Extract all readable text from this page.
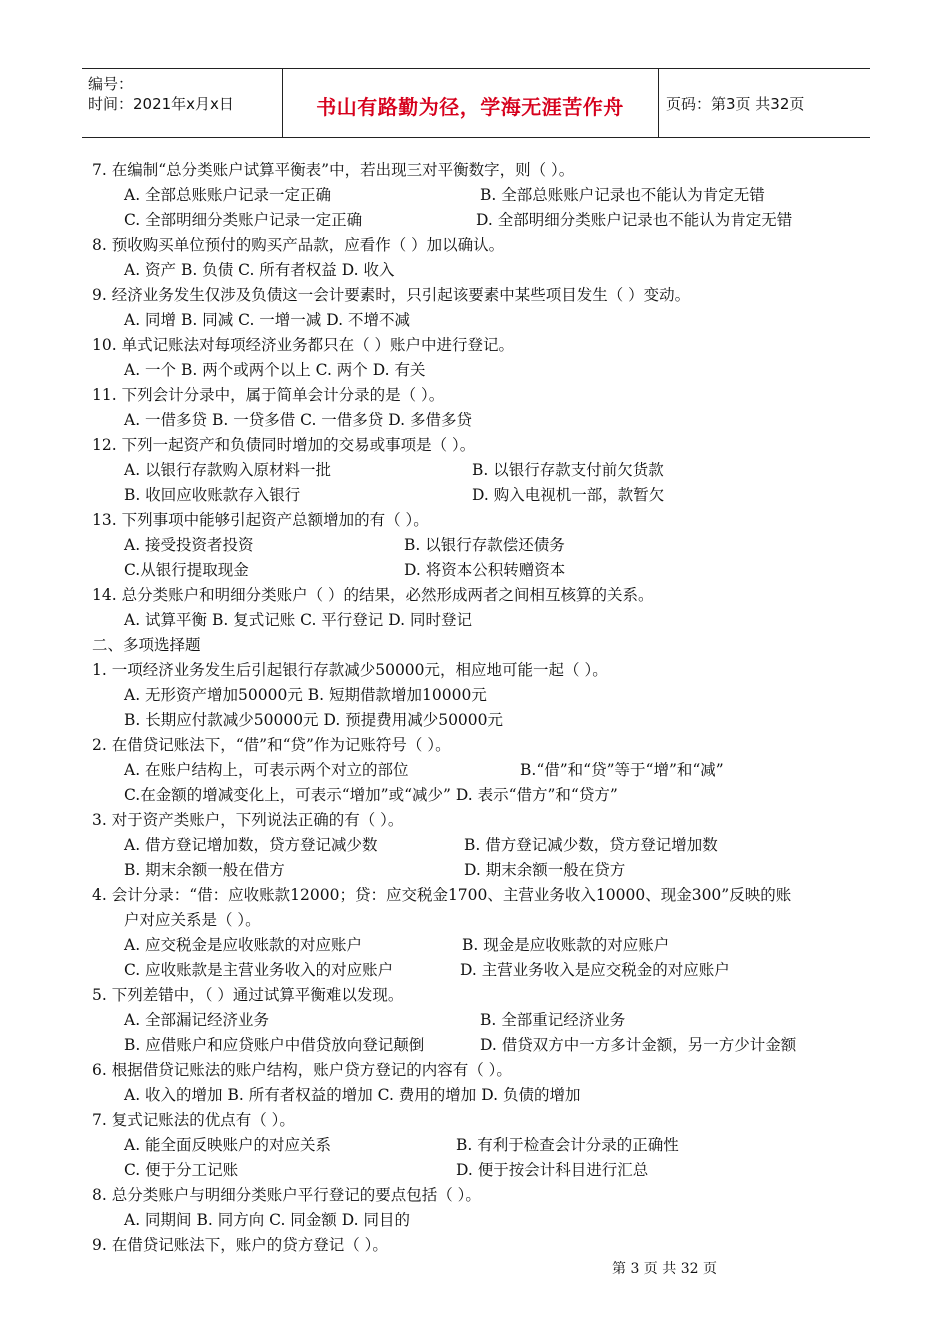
编号：
时间：2021年x月x日	书山有路勤为径，学海无涯苦作舟	页码：第3页 共32页
7. 在编制“总分类账户试算平衡表”中，若出现三对平衡数字，则（ ）。
A. 全部总账账户记录一定正确	B. 全部总账账户记录也不能认为肯定无错
C. 全部明细分类账户记录一定正确	D. 全部明细分类账户记录也不能认为肯定无错
8. 预收购买单位预付的购买产品款，应看作（ ）加以确认。
A. 资产 B. 负债 C. 所有者权益 D. 收入
9. 经济业务发生仅涉及负债这一会计要素时，只引起该要素中某些项目发生（ ）变动。
A. 同增 B. 同减 C. 一增一减 D. 不增不减
10. 单式记账法对每项经济业务都只在（ ）账户中进行登记。
A. 一个 B. 两个或两个以上 C. 两个 D. 有关
11. 下列会计分录中，属于简单会计分录的是（ ）。
A. 一借多贷 B. 一贷多借 C. 一借多贷 D. 多借多贷
12. 下列一起资产和负债同时增加的交易或事项是（ ）。
A. 以银行存款购入原材料一批	B. 以银行存款支付前欠货款
B. 收回应收账款存入银行	D. 购入电视机一部，款暂欠
13. 下列事项中能够引起资产总额增加的有（ ）。
A. 接受投资者投资	B. 以银行存款偿还债务
C.从银行提取现金	D. 将资本公积转赠资本
14. 总分类账户和明细分类账户（ ）的结果，必然形成两者之间相互核算的关系。
A. 试算平衡 B. 复式记账 C. 平行登记 D. 同时登记
二、多项选择题
1. 一项经济业务发生后引起银行存款减少50000元，相应地可能一起（ ）。
A. 无形资产增加50000元 B. 短期借款增加10000元
B. 长期应付款减少50000元 D. 预提费用减少50000元
2. 在借贷记账法下，“借”和“贷”作为记账符号（ ）。
A. 在账户结构上，可表示两个对立的部位	B.“借”和“贷”等于“增”和“减”
C.在金额的增减变化上，可表示“增加”或“减少” D. 表示“借方”和“贷方”
3. 对于资产类账户，下列说法正确的有（ ）。
A. 借方登记增加数，贷方登记减少数	B. 借方登记减少数，贷方登记增加数
B. 期末余额一般在借方	D. 期末余额一般在贷方
4. 会计分录：“借：应收账款12000；贷：应交税金1700、主营业务收入10000、现金300”反映的账
户对应关系是（ ）。
A. 应交税金是应收账款的对应账户	B. 现金是应收账款的对应账户
C. 应收账款是主营业务收入的对应账户	D. 主营业务收入是应交税金的对应账户
5. 下列差错中，（ ）通过试算平衡难以发现。
A. 全部漏记经济业务	B. 全部重记经济业务
B. 应借账户和应贷账户中借贷放向登记颠倒	D. 借贷双方中一方多计金额，另一方少计金额
6. 根据借贷记账法的账户结构，账户贷方登记的内容有（ ）。
A. 收入的增加 B. 所有者权益的增加 C. 费用的增加 D. 负债的增加
7. 复式记账法的优点有（ ）。
A. 能全面反映账户的对应关系	B. 有利于检查会计分录的正确性
C. 便于分工记账	D. 便于按会计科目进行汇总
8. 总分类账户与明细分类账户平行登记的要点包括（ ）。
A. 同期间 B. 同方向 C. 同金额 D. 同目的
9. 在借贷记账法下，账户的贷方登记（ ）。
第 3 页 共 32 页
